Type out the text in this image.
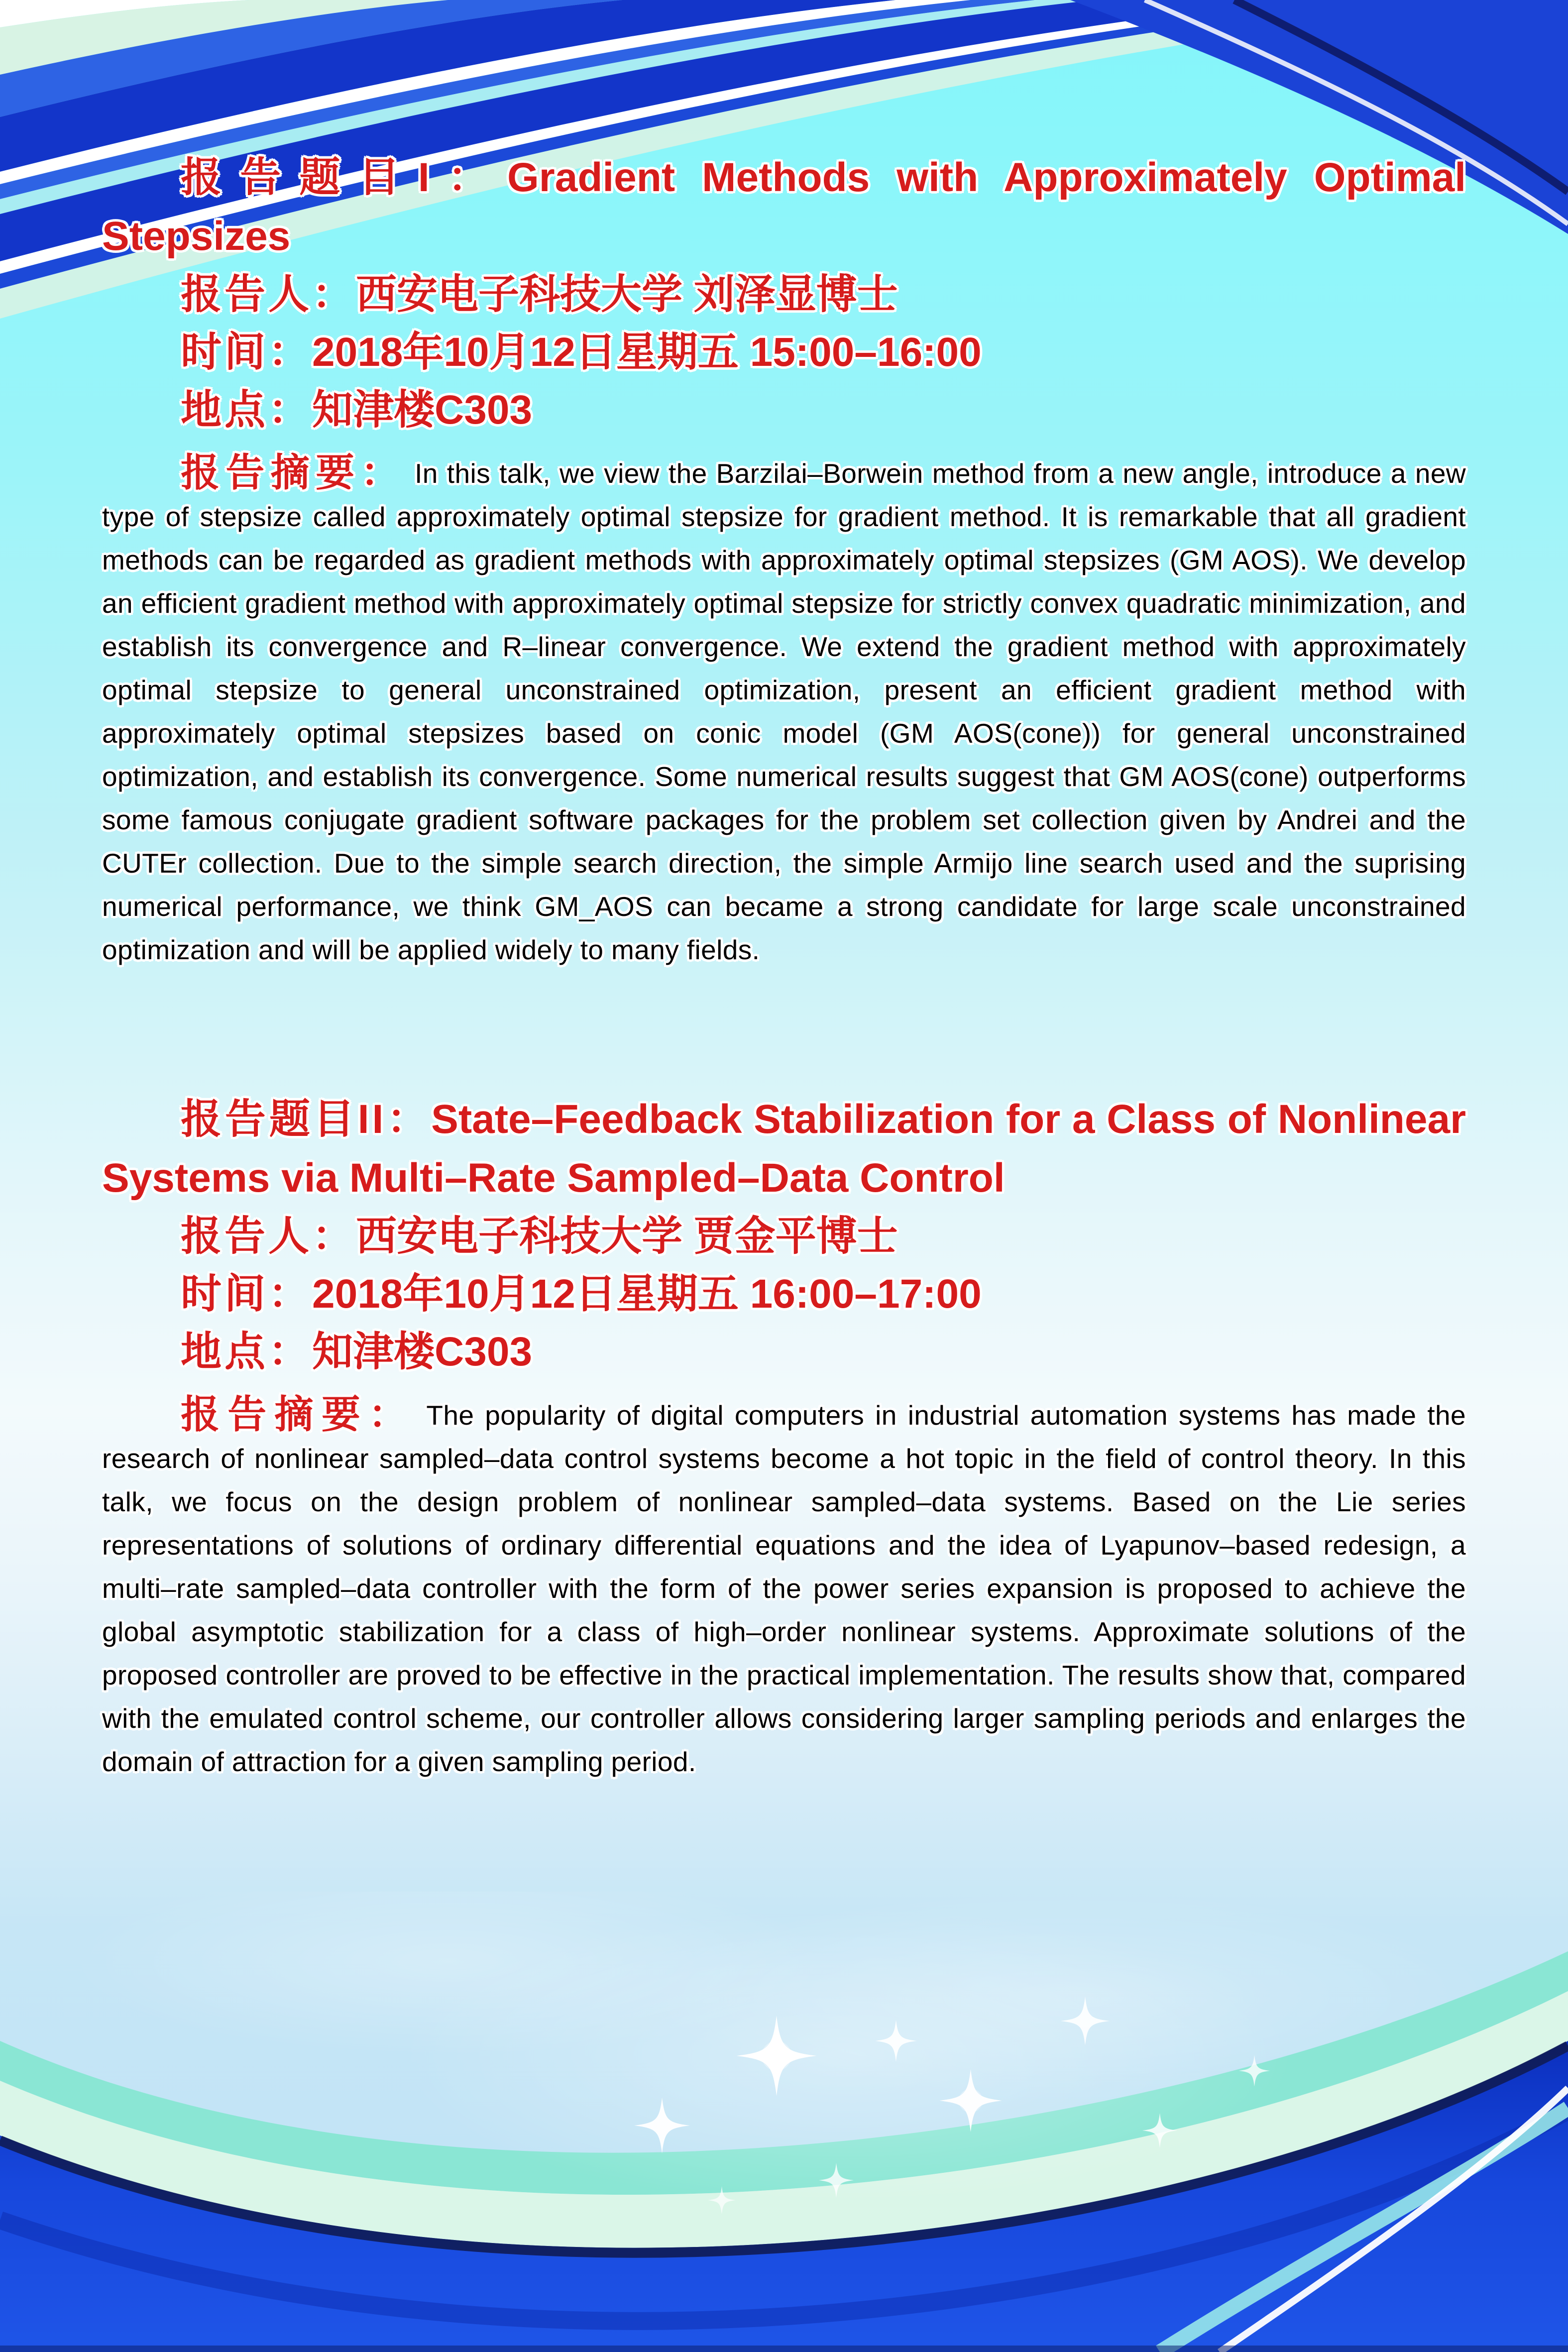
报告题目I：Gradient Methods with Approximately Optimal Stepsizes

报告人：西安电子科技大学 刘泽显博士

时间：2018年10月12日星期五 15:00–16:00

地点：知津楼C303

报告摘要： In this talk, we view the Barzilai–Borwein method from a new angle, introduce a new type of stepsize called approximately optimal stepsize for gradient method. It is remarkable that all gradient methods can be regarded as gradient methods with approximately optimal stepsizes (GM AOS). We develop an efficient gradient method with approximately optimal stepsize for strictly convex quadratic minimization, and establish its convergence and R–linear convergence. We extend the gradient method with approximately optimal stepsize to general unconstrained optimization, present an efficient gradient method with approximately optimal stepsizes based on conic model (GM AOS(cone)) for general unconstrained optimization, and establish its convergence. Some numerical results suggest that GM AOS(cone) outperforms some famous conjugate gradient software packages for the problem set collection given by Andrei and the CUTEr collection. Due to the simple search direction, the simple Armijo line search used and the suprising numerical performance, we think GM_AOS can became a strong candidate for large scale unconstrained optimization and will be applied widely to many fields.

报告题目II：State–Feedback Stabilization for a Class of Nonlinear Systems via Multi–Rate Sampled–Data Control

报告人：西安电子科技大学 贾金平博士

时间：2018年10月12日星期五 16:00–17:00

地点：知津楼C303

报告摘要： The popularity of digital computers in industrial automation systems has made the research of nonlinear sampled–data control systems become a hot topic in the field of control theory. In this talk, we focus on the design problem of nonlinear sampled–data systems. Based on the Lie series representations of solutions of ordinary differential equations and the idea of Lyapunov–based redesign, a multi–rate sampled–data controller with the form of the power series expansion is proposed to achieve the global asymptotic stabilization for a class of high–order nonlinear systems. Approximate solutions of the proposed controller are proved to be effective in the practical implementation. The results show that, compared with the emulated control scheme, our controller allows considering larger sampling periods and enlarges the domain of attraction for a given sampling period.
